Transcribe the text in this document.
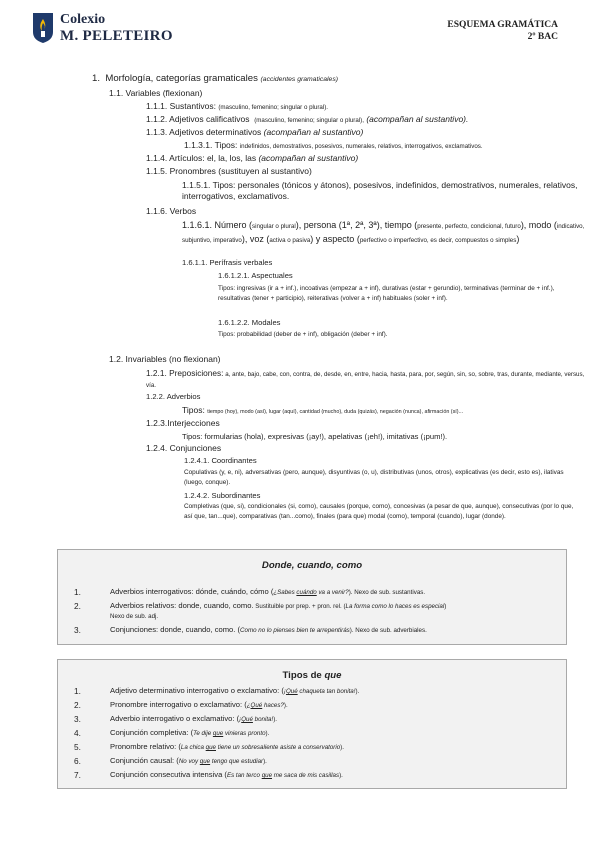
Colexio
M. PELETEIRO
ESQUEMA GRAMÁTICA
2º BAC
1. Morfología, categorías gramaticales (accidentes gramaticales)
1.1. Variables (flexionan)
1.1.1. Sustantivos: (masculino, femenino; singular o plural).
1.1.2. Adjetivos calificativos (masculino, femenino; singular o plural), (acompañan al sustantivo).
1.1.3. Adjetivos determinativos (acompañan al sustantivo)
1.1.3.1. Tipos: indefinidos, demostrativos, posesivos, numerales, relativos, interrogativos, exclamativos.
1.1.4. Artículos: el, la, los, las (acompañan al sustantivo)
1.1.5. Pronombres (sustituyen al sustantivo)
1.1.5.1. Tipos: personales (tónicos y átonos), posesivos, indefinidos, demostrativos, numerales, relativos, interrogativos, exclamativos.
1.1.6. Verbos
1.1.6.1. Número (singular o plural), persona (1ª, 2ª, 3ª), tiempo (presente, perfecto, condicional, futuro), modo (indicativo, subjuntivo, imperativo), voz (activa o pasiva) y aspecto (perfectivo o imperfectivo, es decir, compuestos o simples)
1.6.1.1. Perífrasis verbales
1.6.1.2.1. Aspectuales
Tipos: ingresivas (ir a + inf.), incoativas (empezar a + inf), durativas (estar + gerundio), terminativas (terminar de + inf.), resultativas (tener + participio), reiterativas (volver a + inf) habituales (soler + inf).
1.6.1.2.2. Modales
Tipos: probabilidad (deber de + inf), obligación (deber + inf).
1.2. Invariables (no flexionan)
1.2.1. Preposiciones: a, ante, bajo, cabe, con, contra, de, desde, en, entre, hacia, hasta, para, por, según, sin, so, sobre, tras, durante, mediante, versus, vía.
1.2.2. Adverbios
Tipos: tiempo (hoy), modo (así), lugar (aquí), cantidad (mucho), duda (quizás), negación (nunca), afirmación (sí)...
1.2.3.Interjecciones
Tipos: formularias (hola), expresivas (¡ay!), apelativas (¡eh!), imitativas (¡pum!).
1.2.4. Conjunciones
1.2.4.1. Coordinantes
Copulativas (y, e, ni), adversativas (pero, aunque), disyuntivas (o, u), distributivas (unos, otros), explicativas (es decir, esto es), ilativas (luego, conque).
1.2.4.2. Subordinantes
Completivas (que, si), condicionales (si, como), causales (porque, como), concesivas (a pesar de que, aunque), consecutivas (por lo que, así que, tan...que), comparativas (tan...como), finales (para que) modal (como), temporal (cuando), lugar (donde).
Donde, cuando, como
1.	Adverbios interrogativos: dónde, cuándo, cómo (¿Sabes cuándo va a venir?). Nexo de sub. sustantivas.
2.	Adverbios relativos: donde, cuando, como. Sustituible por prep. + pron. rel. (La forma como lo haces es especial)
Nexo de sub. adj.
3.	Conjunciones: donde, cuando, como. (Como no lo pienses bien te arrepentirás). Nexo de sub. adverbiales.
Tipos de que
1.	Adjetivo determinativo interrogativo o exclamativo: (¡Qué chaqueta tan bonita!).
2.	Pronombre interrogativo o exclamativo: (¿Qué haces?).
3.	Adverbio interrogativo o exclamativo: (¡Qué bonita!).
4.	Conjunción completiva: (Te dije que vinieras pronto).
5.	Pronombre relativo: (La chica que tiene un sobresaliente asiste a conservatorio).
6.	Conjunción causal: (No voy que tengo que estudiar).
7.	Conjunción consecutiva intensiva (Es tan terco que me saca de mis casillas).
